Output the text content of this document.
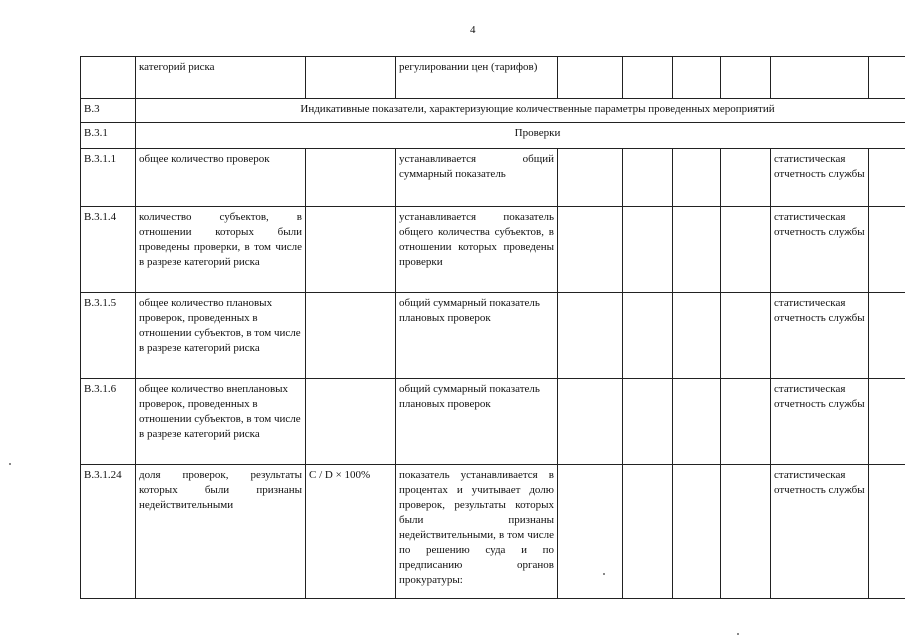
4
	категорий риска		регулировании цен (тарифов)						
В.3	Индикативные показатели, характеризующие количественные параметры проведенных мероприятий								
В.3.1	Проверки								
В.3.1.1	общее количество проверок		устанавливается общий суммарный показатель					статистическая отчетность службы	
В.3.1.4	количество субъектов, в отношении которых были проведены проверки, в том числе в разрезе категорий риска		устанавливается показатель общего количества субъектов, в отношении которых проведены проверки					статистическая отчетность службы	
В.3.1.5	общее количество плановых проверок, проведенных в отношении субъектов, в том числе в разрезе категорий риска		общий суммарный показатель плановых проверок					статистическая отчетность службы	
В.3.1.6	общее количество внеплановых проверок, проведенных в отношении субъектов, в том числе в разрезе категорий риска		общий суммарный показатель плановых проверок					статистическая отчетность службы	
В.3.1.24	доля проверок, результаты которых были признаны недействительными	C / D × 100%	показатель устанавливается в процентах и учитывает долю проверок, результаты которых были признаны недействительными, в том числе по решению суда и по предписанию органов прокуратуры:					статистическая отчетность службы	
